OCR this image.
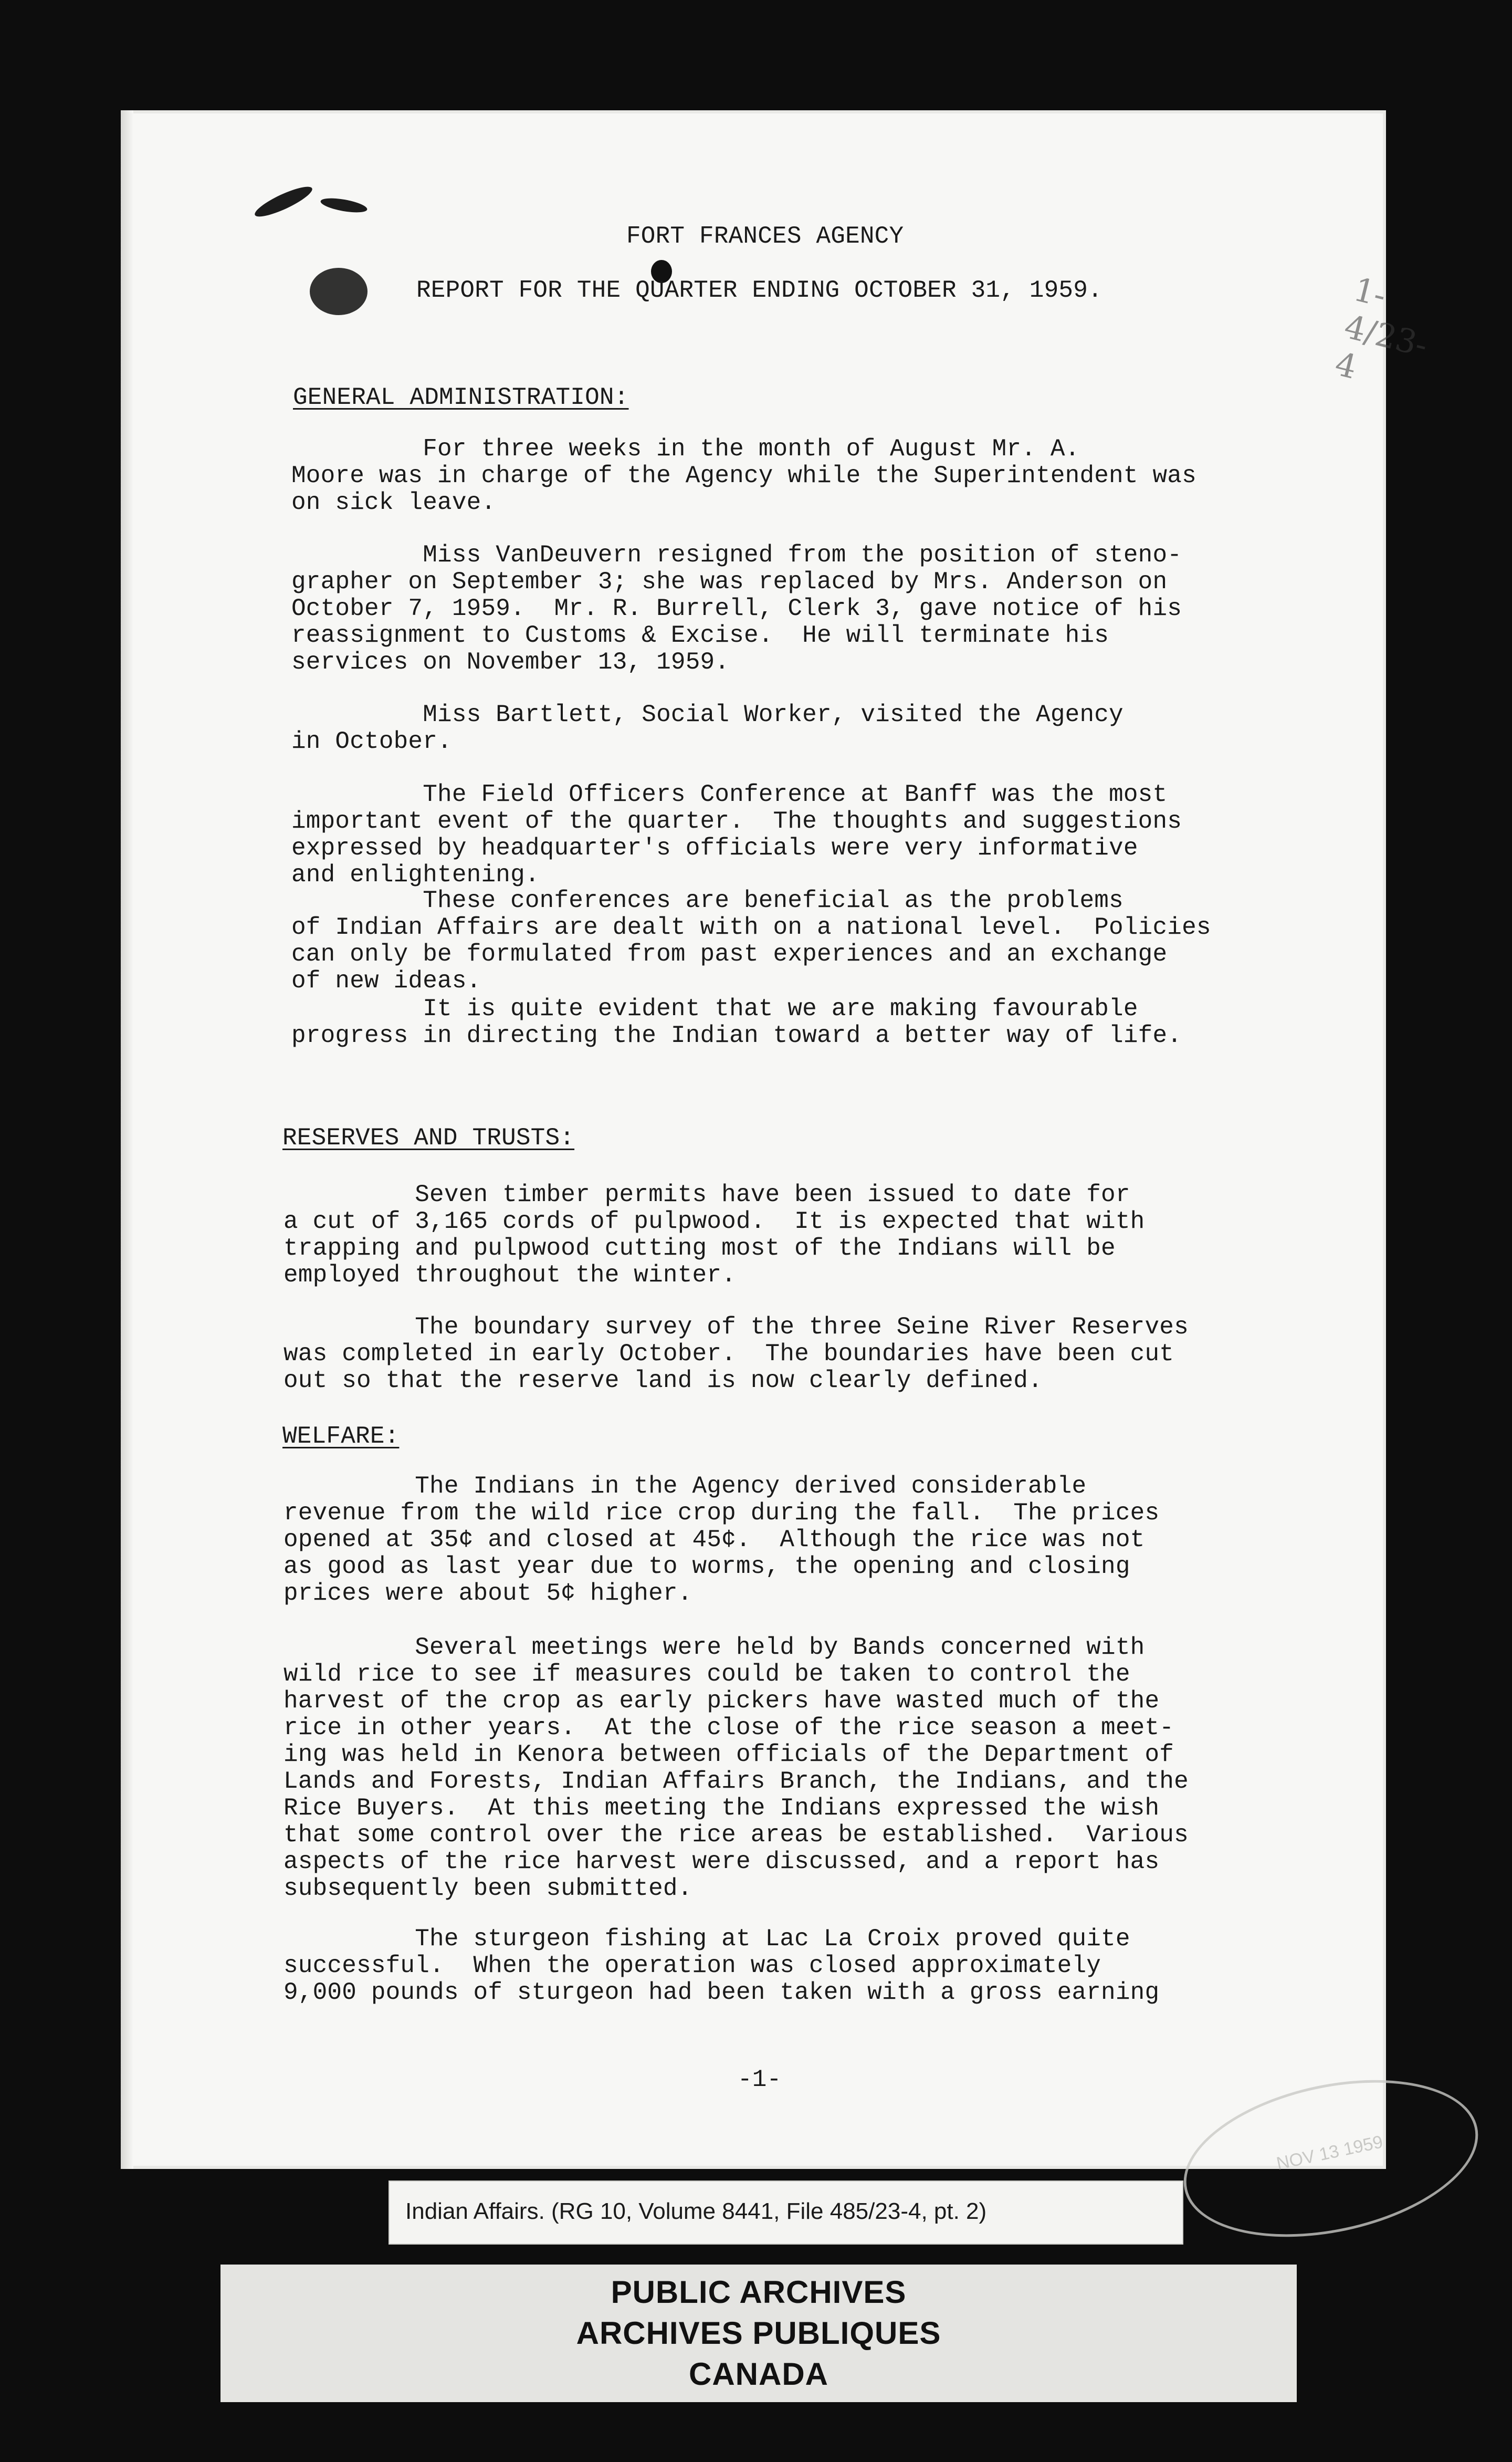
1-4/23-4
FORT FRANCES AGENCY
REPORT FOR THE QUARTER ENDING OCTOBER 31, 1959.
GENERAL ADMINISTRATION:
For three weeks in the month of August Mr. A.
Moore was in charge of the Agency while the Superintendent was
on sick leave.
Miss VanDeuvern resigned from the position of steno-
grapher on September 3; she was replaced by Mrs. Anderson on
October 7, 1959.  Mr. R. Burrell, Clerk 3, gave notice of his
reassignment to Customs & Excise.  He will terminate his
services on November 13, 1959.
Miss Bartlett, Social Worker, visited the Agency
in October.
The Field Officers Conference at Banff was the most
important event of the quarter.  The thoughts and suggestions
expressed by headquarter's officials were very informative
and enlightening.
These conferences are beneficial as the problems
of Indian Affairs are dealt with on a national level.  Policies
can only be formulated from past experiences and an exchange
of new ideas.
It is quite evident that we are making favourable
progress in directing the Indian toward a better way of life.
Seven timber permits have been issued to date for
a cut of 3,165 cords of pulpwood.  It is expected that with
trapping and pulpwood cutting most of the Indians will be
employed throughout the winter.
The boundary survey of the three Seine River Reserves
was completed in early October.  The boundaries have been cut
out so that the reserve land is now clearly defined.
The Indians in the Agency derived considerable
revenue from the wild rice crop during the fall.  The prices
opened at 35¢ and closed at 45¢.  Although the rice was not
as good as last year due to worms, the opening and closing
prices were about 5¢ higher.
Several meetings were held by Bands concerned with
wild rice to see if measures could be taken to control the
harvest of the crop as early pickers have wasted much of the
rice in other years.  At the close of the rice season a meet-
ing was held in Kenora between officials of the Department of
Lands and Forests, Indian Affairs Branch, the Indians, and the
Rice Buyers.  At this meeting the Indians expressed the wish
that some control over the rice areas be established.  Various
aspects of the rice harvest were discussed, and a report has
subsequently been submitted.
The sturgeon fishing at Lac La Croix proved quite
successful.  When the operation was closed approximately
9,000 pounds of sturgeon had been taken with a gross earning
RESERVES AND TRUSTS:
WELFARE:
-1-
NOV 13 1959
Indian Affairs. (RG 10, Volume 8441, File 485/23-4, pt. 2)
PUBLIC ARCHIVES
ARCHIVES PUBLIQUES
CANADA
